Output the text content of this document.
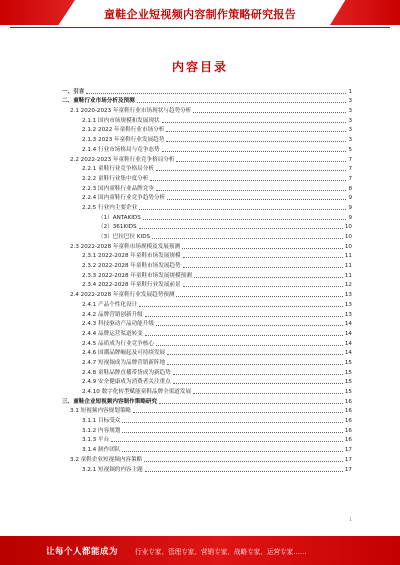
童鞋企业短视频内容制作策略研究报告
内容目录
一、引言	1
二、童鞋行业市场分析及预测	3
2.1 2020-2023 年童鞋行业市场现状与趋势分析	3
2.1.1 国内市场规模和发展现状	3
2.1.2 2022 年童鞋行业市场分析	3
2.1.3 2023 年童鞋行业发展趋势	3
2.1.4 行业市场格局与竞争态势	5
2.2 2022-2023 年童鞋行业竞争格局分析	7
2.2.1 童鞋行业竞争格局分析	7
2.2.2 童鞋行业集中度分析	7
2.2.3 国内童鞋行业品牌竞争	8
2.2.4 国内童鞋行业竞争趋势分析	9
2.2.5 行业内主要企业	9
（1）ANTAKIDS	9
（2）361KIDS	10
（3）巴拉巴拉 KIDS	10
2.3 2022-2028 年童鞋市场规模及发展预测	10
2.3.1 2022-2028 年童鞋市场发展规模	11
2.3.2 2022-2028 年童鞋市场发展趋势	11
2.3.3 2022-2028 年童鞋市场发展规模预测	11
2.3.4 2022-2028 年童鞋行业发展前景	12
2.4 2022-2028 年童鞋行业发展趋势预测	13
2.4.1 产品个性化设计	13
2.4.2 品牌营销创新升级	13
2.4.3 科技驱动产品功能升级	14
2.4.4 品牌运营渠道转变	14
2.4.5 品质成为行业竞争核心	14
2.4.6 国潮品牌崛起及可持续发展	14
2.4.7 短视频成为品牌营销新阵地	15
2.4.8 童鞋品牌直播带货成为新趋势	15
2.4.9 安全健康成为消费者关注重点	15
2.4.10 数字化转型赋能童鞋品牌全渠道发展	15
三、童鞋企业短视频内容制作策略研究	16
3.1 短视频内容规划策略	16
3.1.1 目标受众	16
3.1.2 内容规划	16
3.1.3 平台	16
3.1.4 制作团队	17
3.2 童鞋企业短视频内容策略	17
3.2.1 短视频的内容主题	17
1
让每个人都能成为	行业专家、管理专家、营销专家、战略专家、运营专家……
